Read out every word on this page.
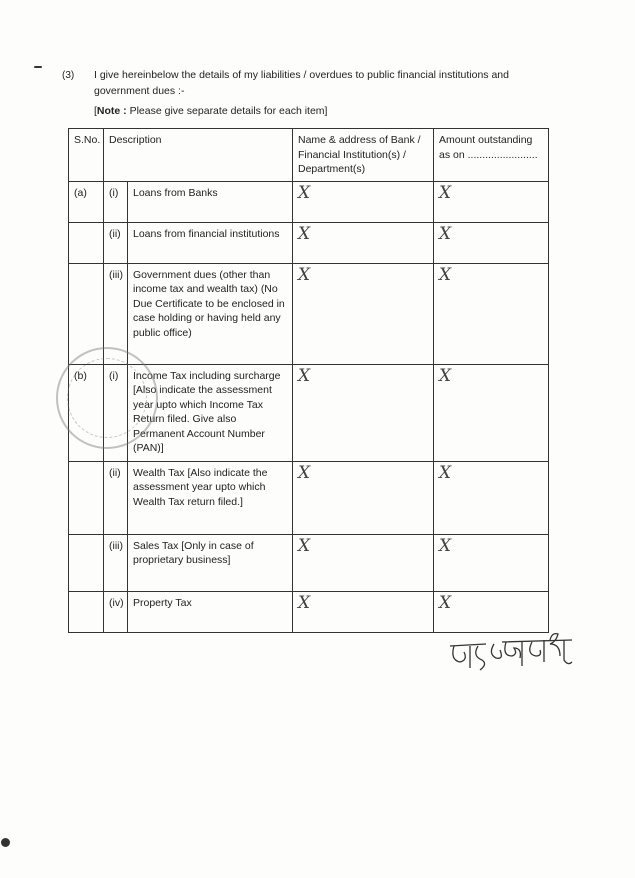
(3) I give hereinbelow the details of my liabilities / overdues to public financial institutions and government dues :-
[Note : Please give separate details for each item]
S.No.	Description		Name & address of Bank / Financial Institution(s) / Department(s)	Amount outstanding as on ........................
(a)	(i)	Loans from Banks	X	X
	(ii)	Loans from financial institutions	X	X
	(iii)	Government dues (other than income tax and wealth tax) (No Due Certificate to be enclosed in case holding or having held any public office)	X	X
(b)	(i)	Income Tax including surcharge [Also indicate the assessment year upto which Income Tax Return filed. Give also Permanent Account Number (PAN)]	X	X
	(ii)	Wealth Tax [Also indicate the assessment year upto which Wealth Tax return filed.]	X	X
	(iii)	Sales Tax [Only in case of proprietary business]	X	X
	(iv)	Property Tax	X	X
